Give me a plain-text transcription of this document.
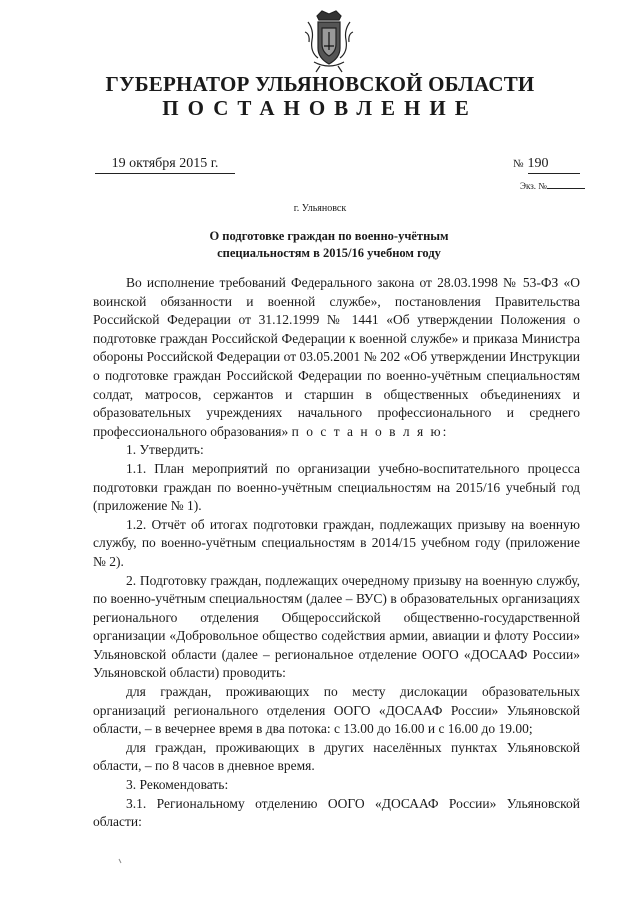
ГУБЕРНАТОР УЛЬЯНОВСКОЙ ОБЛАСТИ
ПОСТАНОВЛЕНИЕ
19 октября 2015 г.	№ 190
Экз. №
г. Ульяновск
О подготовке граждан по военно-учётным
специальностям в 2015/16 учебном году

Во исполнение требований Федерального закона от 28.03.1998 № 53-ФЗ «О воинской обязанности и военной службе», постановления Правительства Российской Федерации от 31.12.1999 № 1441 «Об утверждении Положения о подготовке граждан Российской Федерации к военной службе» и приказа Министра обороны Российской Федерации от 03.05.2001 № 202 «Об утверждении Инструкции о подготовке граждан Российской Федерации по военно-учётным специальностям солдат, матросов, сержантов и старшин в общественных объединениях и образовательных учреждениях начального профессионального и среднего профессионального образования» п о с т а н о в л я ю:

1. Утвердить:

1.1. План мероприятий по организации учебно-воспитательного процесса подготовки граждан по военно-учётным специальностям на 2015/16 учебный год (приложение № 1).

1.2. Отчёт об итогах подготовки граждан, подлежащих призыву на военную службу, по военно-учётным специальностям в 2014/15 учебном году (приложение № 2).

2. Подготовку граждан, подлежащих очередному призыву на военную службу, по военно-учётным специальностям (далее – ВУС) в образовательных организациях регионального отделения Общероссийской общественно-государственной организации «Добровольное общество содействия армии, авиации и флоту России» Ульяновской области (далее – региональное отделение ООГО «ДОСААФ России» Ульяновской области) проводить:

для граждан, проживающих по месту дислокации образовательных организаций регионального отделения ООГО «ДОСААФ России» Ульяновской области, – в вечернее время в два потока: с 13.00 до 16.00 и с 16.00 до 19.00;

для граждан, проживающих в других населённых пунктах Ульяновской области, – по 8 часов в дневное время.

3. Рекомендовать:

3.1. Региональному отделению ООГО «ДОСААФ России» Ульяновской области:
